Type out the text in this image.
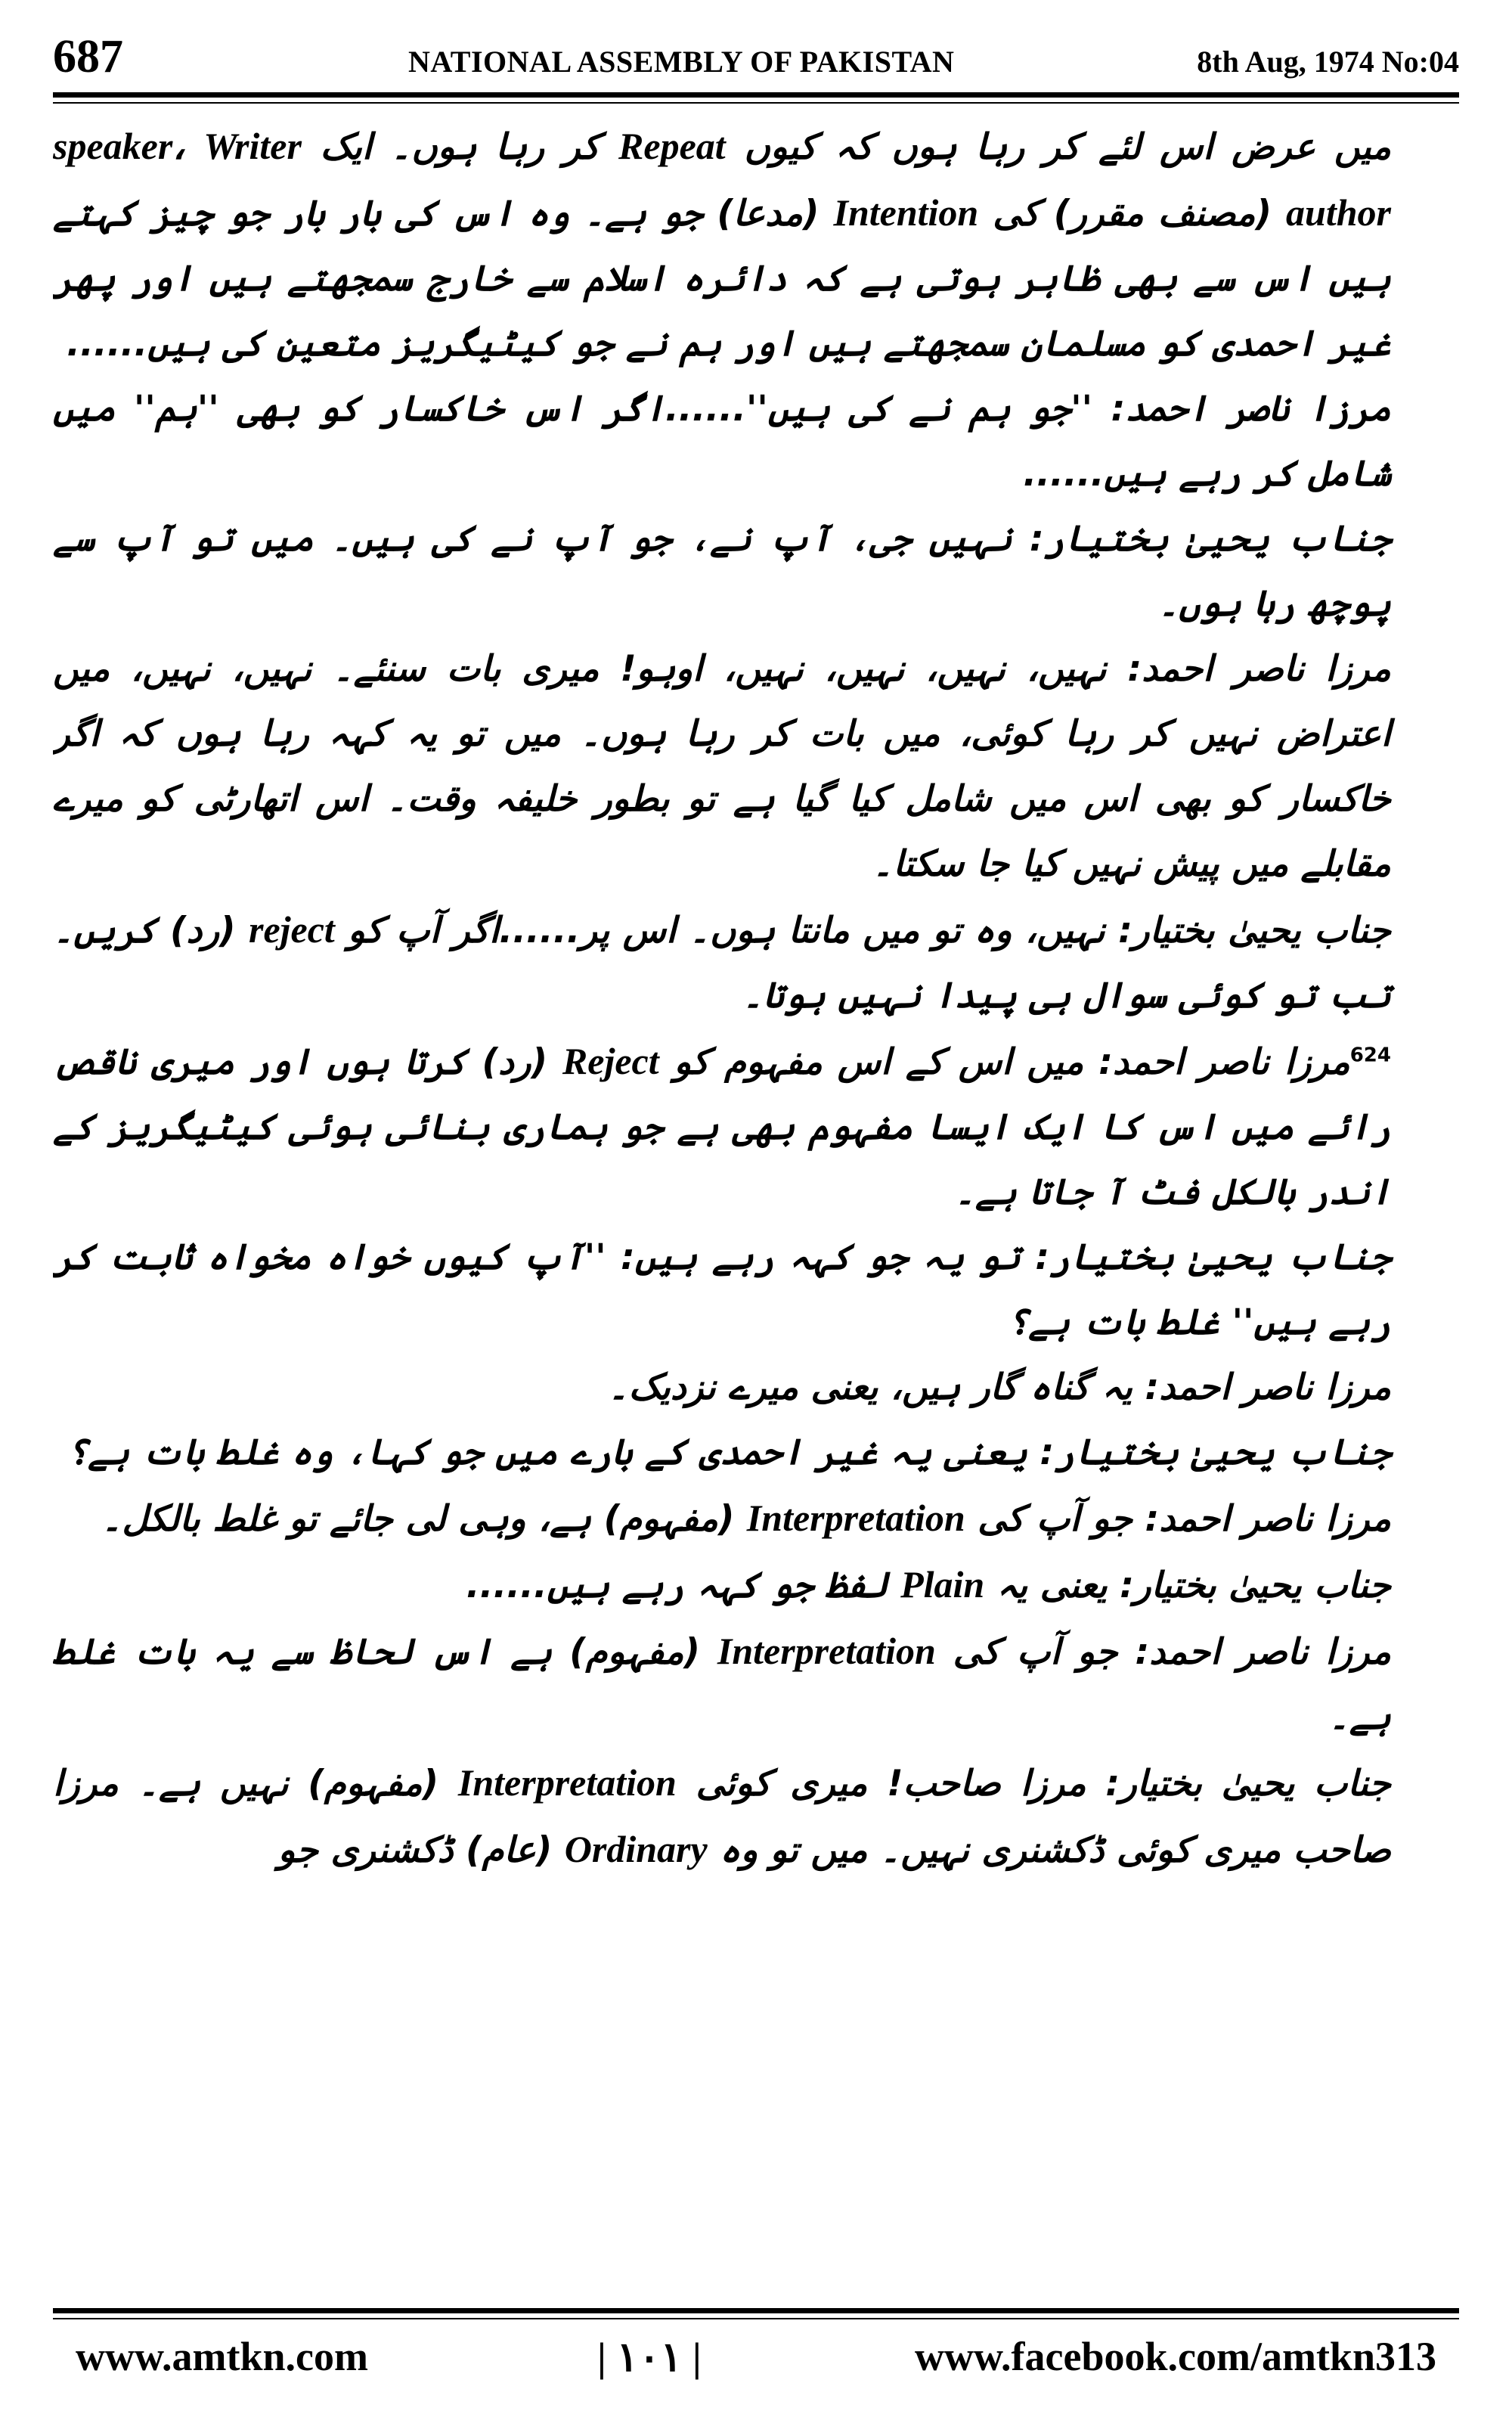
687	NATIONAL ASSEMBLY OF PAKISTAN	8th Aug, 1974 No:04

میں عرض اس لئے کر رہا ہوں کہ کیوں Repeat کر رہا ہوں۔ ایک Writer speaker، author (مصنف مقرر) کی Intention (مدعا) جو ہے۔ وہ اس کی بار بار جو چیز کہتے ہیں اس سے بھی ظاہر ہوتی ہے کہ دائرہ اسلام سے خارج سمجھتے ہیں اور پھر غیر احمدی کو مسلمان سمجھتے ہیں اور ہم نے جو کیٹیگریز متعین کی ہیں......

مرزا ناصر احمد: ''جو ہم نے کی ہیں''......اگر اس خاکسار کو بھی ''ہم'' میں شامل کر رہے ہیں......

جناب یحییٰ بختیار: نہیں جی، آپ نے، جو آپ نے کی ہیں۔ میں تو آپ سے پوچھ رہا ہوں۔

مرزا ناصر احمد: نہیں، نہیں، نہیں، نہیں، اوہو! میری بات سنئے۔ نہیں، نہیں، میں اعتراض نہیں کر رہا کوئی، میں بات کر رہا ہوں۔ میں تو یہ کہہ رہا ہوں کہ اگر خاکسار کو بھی اس میں شامل کیا گیا ہے تو بطور خلیفہ وقت۔ اس اتھارٹی کو میرے مقابلے میں پیش نہیں کیا جا سکتا۔

جناب یحییٰ بختیار: نہیں، وہ تو میں مانتا ہوں۔ اس پر......اگر آپ کو reject (رد) کریں۔ تب تو کوئی سوال ہی پیدا نہیں ہوتا۔

$^{624}$مرزا ناصر احمد: میں اس کے اس مفہوم کو Reject (رد) کرتا ہوں اور میری ناقص رائے میں اس کا ایک ایسا مفہوم بھی ہے جو ہماری بنائی ہوئی کیٹیگریز کے اندر بالکل فٹ آ جاتا ہے۔

جناب یحییٰ بختیار: تو یہ جو کہہ رہے ہیں: ''آپ کیوں خواہ مخواہ ثابت کر رہے ہیں'' غلط بات ہے؟

مرزا ناصر احمد: یہ گناہ گار ہیں، یعنی میرے نزدیک۔

جناب یحییٰ بختیار: یعنی یہ غیر احمدی کے بارے میں جو کہا، وہ غلط بات ہے؟

مرزا ناصر احمد: جو آپ کی Interpretation (مفہوم) ہے، وہی لی جائے تو غلط بالکل۔

جناب یحییٰ بختیار: یعنی یہ Plain لفظ جو کہہ رہے ہیں......

مرزا ناصر احمد: جو آپ کی Interpretation (مفہوم) ہے اس لحاظ سے یہ بات غلط ہے۔

جناب یحییٰ بختیار: مرزا صاحب! میری کوئی Interpretation (مفہوم) نہیں ہے۔ مرزا صاحب میری کوئی ڈکشنری نہیں۔ میں تو وہ Ordinary (عام) ڈکشنری جو

www.amtkn.com	| ۱۰۱ |	www.facebook.com/amtkn313
